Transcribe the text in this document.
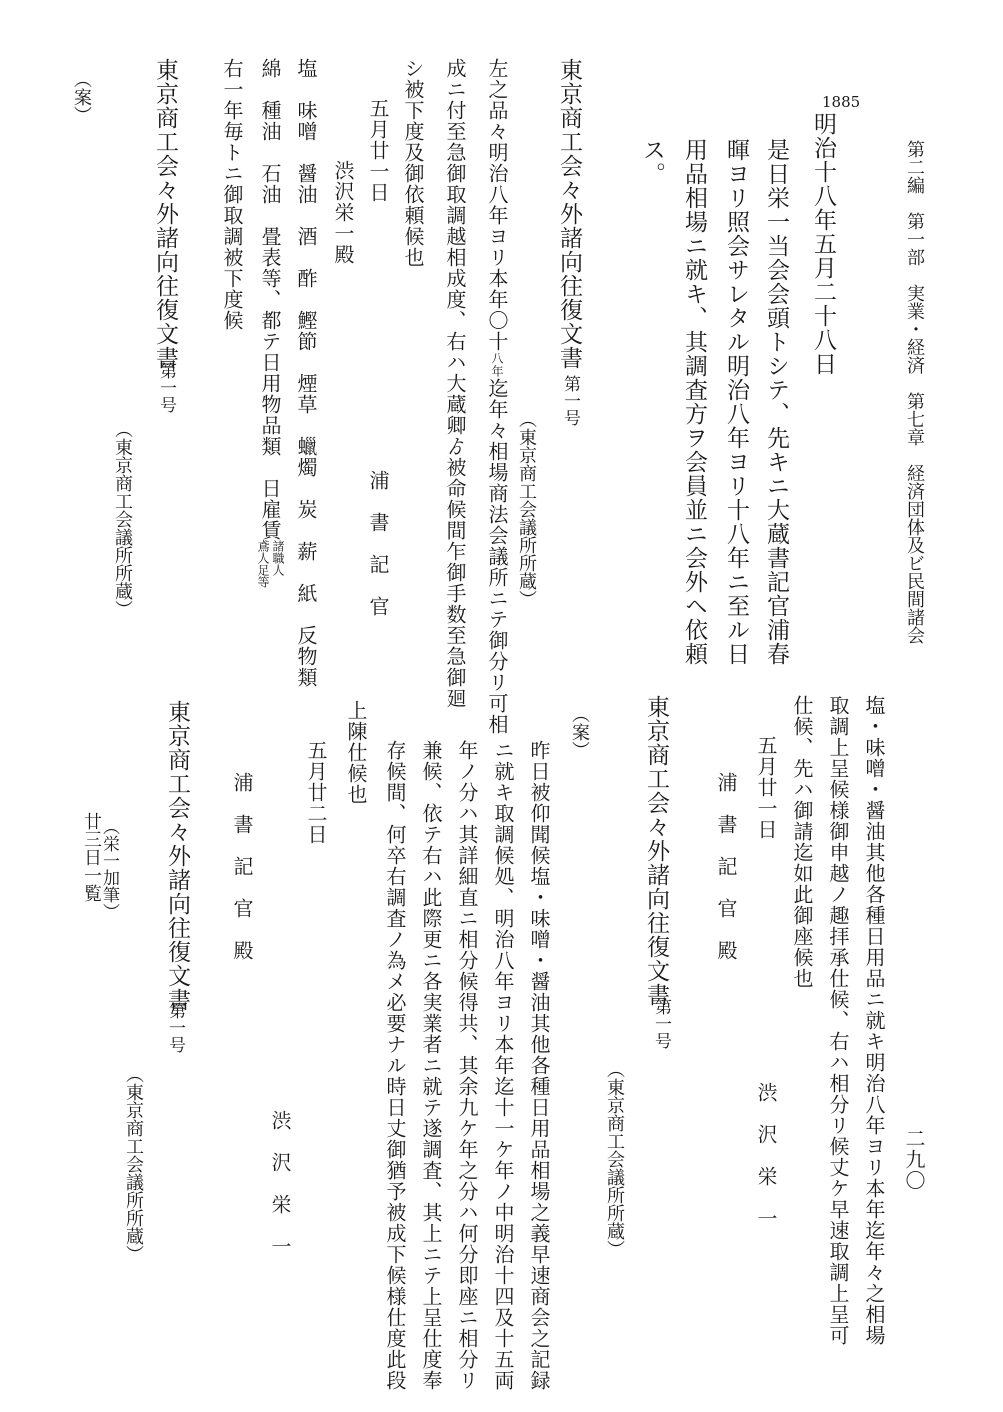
第二編　第一部　実業・経済　第七章　経済団体及ビ民間諸会
二九〇
1885
明治十八年五月二十八日
是日栄一当会会頭トシテ、先キニ大蔵書記官浦春
暉ヨリ照会サレタル明治八年ヨリ十八年ニ至ル日
用品相場ニ就キ、其調査方ヲ会員並ニ会外ヘ依頼
ス。
東京商工会々外諸向往復文書
第一号
（東京商工会議所所蔵）
左之品々明治八年ヨリ本年〇十八年迄年々相場商法会議所ニテ御分リ可相
成ニ付至急御取調越相成度、右ハ大蔵卿ゟ被命候間乍御手数至急御廻
シ被下度及御依頼候也
五月廿一日
浦　書　記　官
渋沢栄一殿
塩　味噌　醤油　酒　酢　鰹節　煙草　蠟燭　炭　薪　紙　反物類
綿　種油　石油　畳表等、都テ日用物品類　日雇賃
諸職人
鳶人足等
右一年毎トニ御取調被下度候
東京商工会々外諸向往復文書
第一号
（東京商工会議所所蔵）
（案）
塩・味噌・醤油其他各種日用品ニ就キ明治八年ヨリ本年迄年々之相場
取調上呈候様御申越ノ趣拝承仕候、右ハ相分リ候丈ケ早速取調上呈可
仕候、先ハ御請迄如此御座候也
五月廿一日
渋　沢　栄　一
浦　書　記　官　殿
東京商工会々外諸向往復文書
第一号
（東京商工会議所所蔵）
（案）
昨日被仰聞候塩・味噌・醤油其他各種日用品相場之義早速商会之記録
ニ就キ取調候処、明治八年ヨリ本年迄十一ケ年ノ中明治十四及十五両
年ノ分ハ其詳細直ニ相分候得共、其余九ケ年之分ハ何分即座ニ相分リ
兼候、依テ右ハ此際更ニ各実業者ニ就テ遂調査、其上ニテ上呈仕度奉
存候間、何卒右調査ノ為メ必要ナル時日丈御猶予被成下候様仕度此段
上陳仕候也
五月廿二日
渋　沢　栄　一
浦　書　記　官　殿
東京商工会々外諸向往復文書
第一号
（東京商工会議所所蔵）
（栄一加筆）
廿三日一覧
